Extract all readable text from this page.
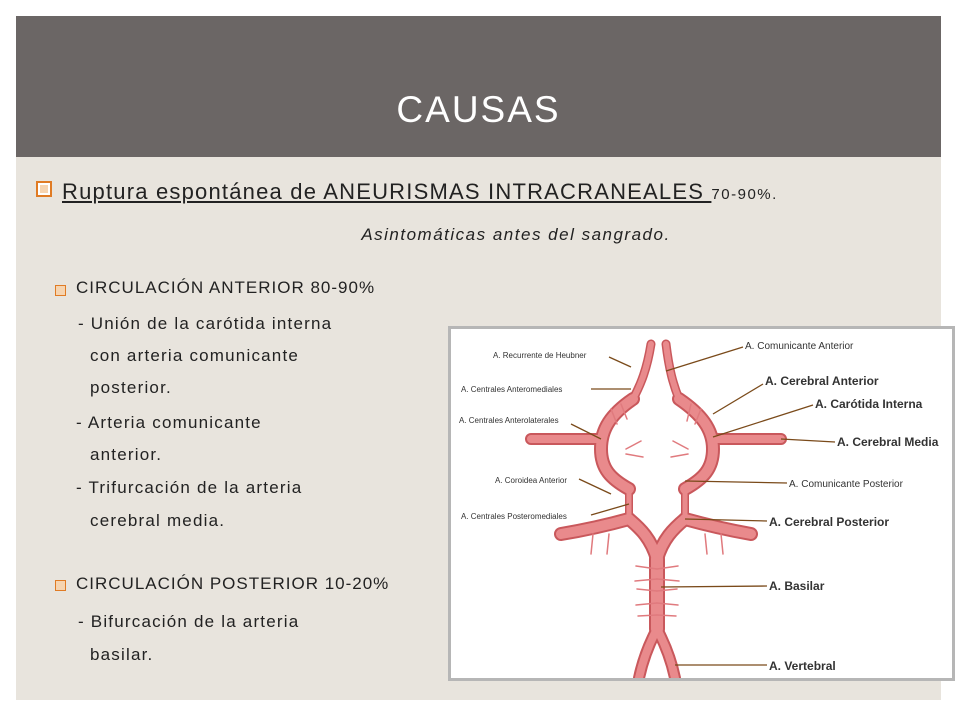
CAUSAS
Ruptura espontánea de ANEURISMAS INTRACRANEALES 70-90%.
Asintomáticas antes del sangrado.
CIRCULACIÓN ANTERIOR 80-90%
- Unión de la carótida interna
con arteria comunicante
posterior.
- Arteria comunicante
anterior.
- Trifurcación de la arteria
cerebral media.
CIRCULACIÓN POSTERIOR 10-20%
- Bifurcación de la arteria
basilar.
A. Recurrente de Heubner
A. Centrales Anteromediales
A. Centrales Anterolaterales
A. Coroidea Anterior
A. Centrales Posteromediales
A. Comunicante Anterior
A. Cerebral Anterior
A. Carótida Interna
A. Cerebral Media
A. Comunicante Posterior
A. Cerebral Posterior
A. Basilar
A. Vertebral
